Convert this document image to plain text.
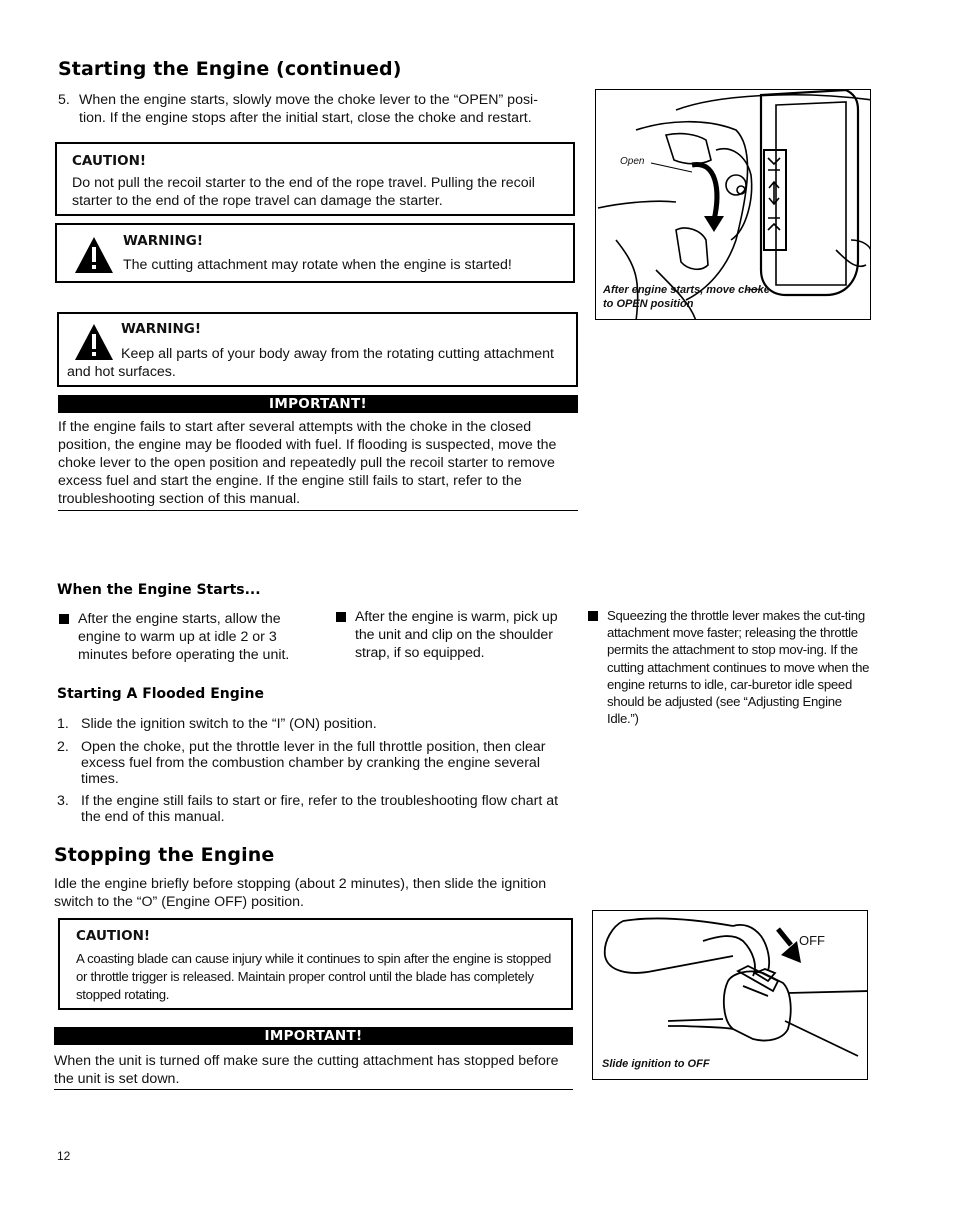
Starting the Engine (continued)
5. When the engine starts, slowly move the choke lever to the “OPEN” posi-tion. If the engine stops after the initial start, close the choke and restart.
CAUTION!
Do not pull the recoil starter to the end of the rope travel. Pulling the recoil starter to the end of the rope travel can damage the starter.
WARNING!
The cutting attachment may rotate when the engine is started!
WARNING!
Keep all parts of your body away from the rotating cutting attachment and hot surfaces.
IMPORTANT!
If the engine fails to start after several attempts with the choke in the closed position, the engine may be flooded with fuel. If flooding is suspected, move the choke lever to the open position and repeatedly pull the recoil starter to remove excess fuel and start the engine. If the engine still fails to start, refer to the troubleshooting section of this manual.
Open
After engine starts, move choke to OPEN position
When the Engine Starts...
After the engine starts, allow the engine to warm up at idle 2 or 3 minutes before operating the unit.
After the engine is warm, pick up the unit and clip on the shoulder strap, if so equipped.
Squeezing the throttle lever makes the cut-ting attachment move faster; releasing the throttle permits the attachment to stop mov-ing. If the cutting attachment continues to move when the engine returns to idle, car-buretor idle speed should be adjusted (see “Adjusting Engine Idle.”)
Starting A Flooded Engine
1. Slide the ignition switch to the “I” (ON) position.
2. Open the choke, put the throttle lever in the full throttle position, then clear excess fuel from the combustion chamber by cranking the engine several times.
3. If the engine still fails to start or fire, refer to the troubleshooting flow chart at the end of this manual.
Stopping the Engine
Idle the engine briefly before stopping (about 2 minutes), then slide the ignition switch to the “O” (Engine OFF) position.
CAUTION!
A coasting blade can cause injury while it continues to spin after the engine is stopped or throttle trigger is released. Maintain proper control until the blade has completely stopped rotating.
IMPORTANT!
When the unit is turned off make sure the cutting attachment has stopped before the unit is set down.
OFF
Slide ignition to OFF
12
